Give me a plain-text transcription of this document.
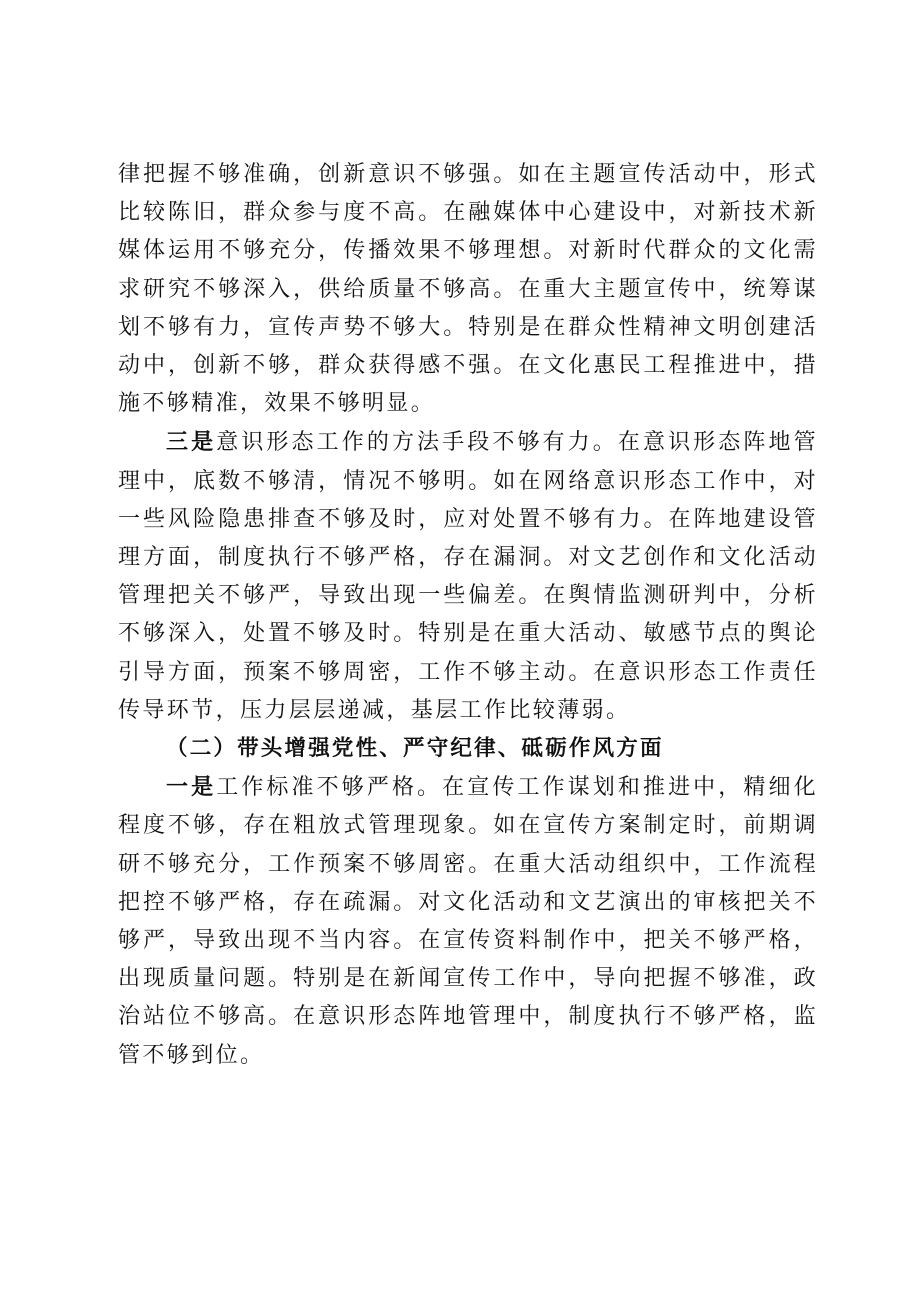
律把握不够准确，创新意识不够强。如在主题宣传活动中，形式比较陈旧，群众参与度不高。在融媒体中心建设中，对新技术新媒体运用不够充分，传播效果不够理想。对新时代群众的文化需求研究不够深入，供给质量不够高。在重大主题宣传中，统筹谋划不够有力，宣传声势不够大。特别是在群众性精神文明创建活动中，创新不够，群众获得感不强。在文化惠民工程推进中，措施不够精准，效果不够明显。

三是意识形态工作的方法手段不够有力。在意识形态阵地管理中，底数不够清，情况不够明。如在网络意识形态工作中，对一些风险隐患排查不够及时，应对处置不够有力。在阵地建设管理方面，制度执行不够严格，存在漏洞。对文艺创作和文化活动管理把关不够严，导致出现一些偏差。在舆情监测研判中，分析不够深入，处置不够及时。特别是在重大活动、敏感节点的舆论引导方面，预案不够周密，工作不够主动。在意识形态工作责任传导环节，压力层层递减，基层工作比较薄弱。

（二）带头增强党性、严守纪律、砥砺作风方面

一是工作标准不够严格。在宣传工作谋划和推进中，精细化程度不够，存在粗放式管理现象。如在宣传方案制定时，前期调研不够充分，工作预案不够周密。在重大活动组织中，工作流程把控不够严格，存在疏漏。对文化活动和文艺演出的审核把关不够严，导致出现不当内容。在宣传资料制作中，把关不够严格，出现质量问题。特别是在新闻宣传工作中，导向把握不够准，政治站位不够高。在意识形态阵地管理中，制度执行不够严格，监管不够到位。
